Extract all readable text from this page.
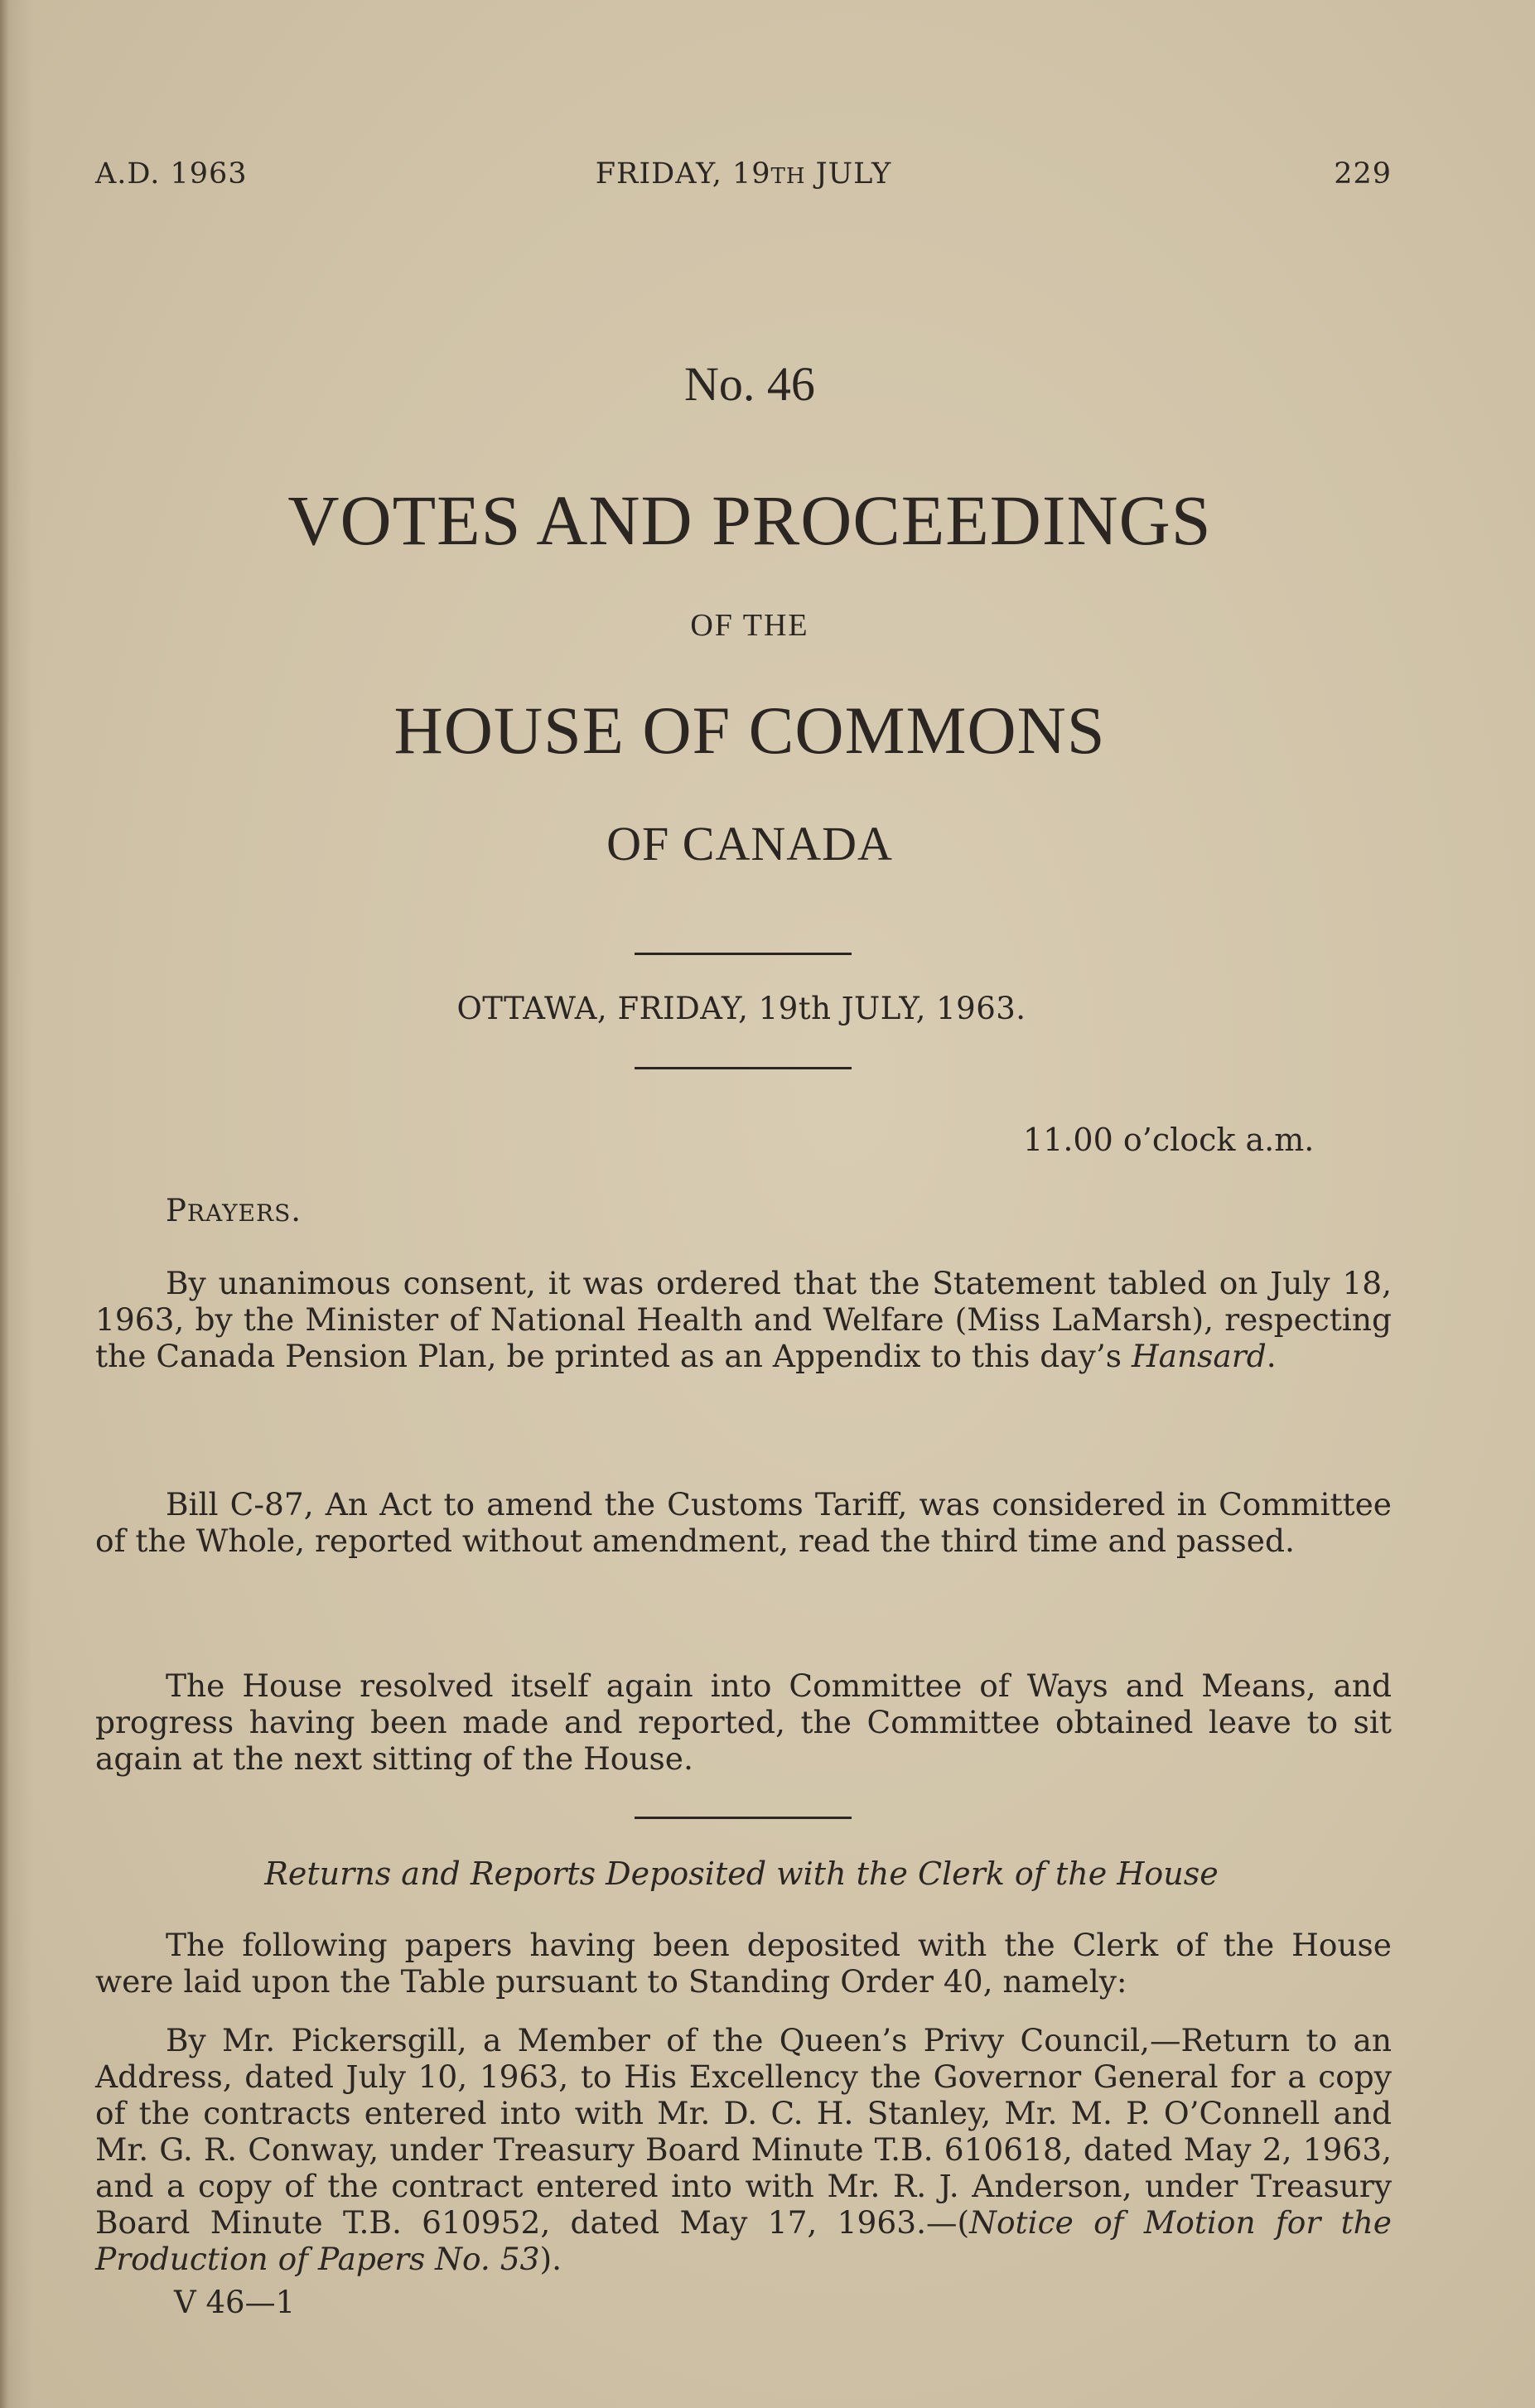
A.D. 1963	FRIDAY, 19TH JULY	229
No. 46
VOTES AND PROCEEDINGS
OF THE
HOUSE OF COMMONS
OF CANADA
OTTAWA, FRIDAY, 19th JULY, 1963.
11.00 o’clock a.m.
PRAYERS.
By unanimous consent, it was ordered that the Statement tabled on July 18, 1963, by the Minister of National Health and Welfare (Miss LaMarsh), respecting the Canada Pension Plan, be printed as an Appendix to this day’s Hansard.
Bill C-87, An Act to amend the Customs Tariff, was considered in Committee of the Whole, reported without amendment, read the third time and passed.
The House resolved itself again into Committee of Ways and Means, and progress having been made and reported, the Committee obtained leave to sit again at the next sitting of the House.
Returns and Reports Deposited with the Clerk of the House
The following papers having been deposited with the Clerk of the House were laid upon the Table pursuant to Standing Order 40, namely:
By Mr. Pickersgill, a Member of the Queen’s Privy Council,—Return to an Address, dated July 10, 1963, to His Excellency the Governor General for a copy of the contracts entered into with Mr. D. C. H. Stanley, Mr. M. P. O’Connell and Mr. G. R. Conway, under Treasury Board Minute T.B. 610618, dated May 2, 1963, and a copy of the contract entered into with Mr. R. J. Anderson, under Treasury Board Minute T.B. 610952, dated May 17, 1963.—(Notice of Motion for the Production of Papers No. 53).
V 46—1
